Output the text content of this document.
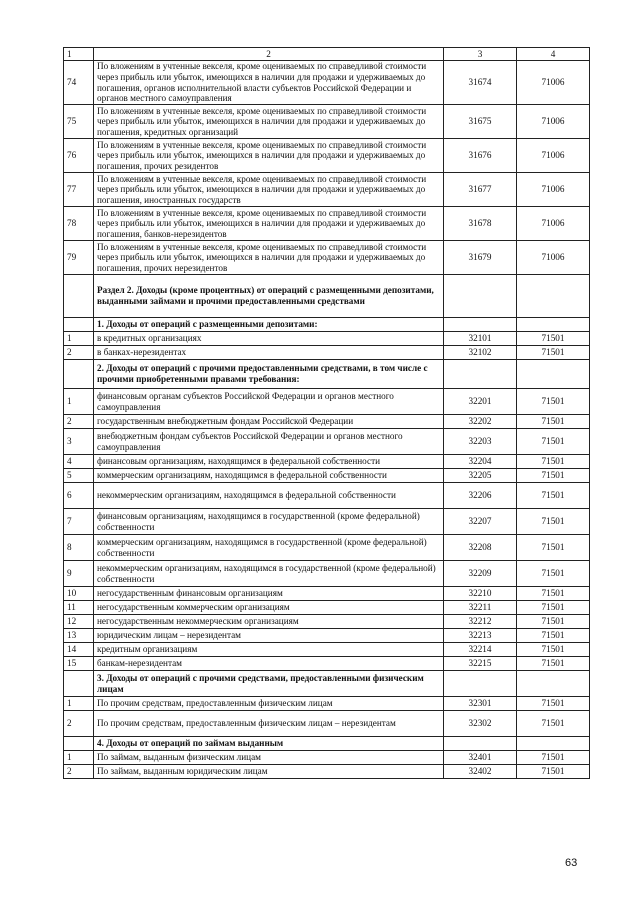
1	2	3	4
74	По вложениям в учтенные векселя, кроме оцениваемых по справедливой стоимости через прибыль или убыток, имеющихся в наличии для продажи и удерживаемых до погашения, органов исполнительной власти субъектов Российской Федерации и органов местного самоуправления	31674	71006
75	По вложениям в учтенные векселя, кроме оцениваемых по справедливой стоимости через прибыль или убыток, имеющихся в наличии для продажи и удерживаемых до погашения, кредитных организаций	31675	71006
76	По вложениям в учтенные векселя, кроме оцениваемых по справедливой стоимости через прибыль или убыток, имеющихся в наличии для продажи и удерживаемых до погашения, прочих резидентов	31676	71006
77	По вложениям в учтенные векселя, кроме оцениваемых по справедливой стоимости через прибыль или убыток, имеющихся в наличии для продажи и удерживаемых до погашения, иностранных государств	31677	71006
78	По вложениям в учтенные векселя, кроме оцениваемых по справедливой стоимости через прибыль или убыток, имеющихся в наличии для продажи и удерживаемых до погашения, банков-нерезидентов	31678	71006
79	По вложениям в учтенные векселя, кроме оцениваемых по справедливой стоимости через прибыль или убыток, имеющихся в наличии для продажи и удерживаемых до погашения, прочих нерезидентов	31679	71006
	Раздел 2. Доходы (кроме процентных) от операций с размещенными депозитами, выданными займами и прочими предоставленными средствами		
	1. Доходы от операций с размещенными депозитами:		
1	в кредитных организациях	32101	71501
2	в банках-нерезидентах	32102	71501
	2. Доходы от операций с прочими предоставленными средствами, в том числе с прочими приобретенными правами требования:		
1	финансовым органам субъектов Российской Федерации и органов местного самоуправления	32201	71501
2	государственным внебюджетным фондам Российской Федерации	32202	71501
3	внебюджетным фондам субъектов Российской Федерации и органов местного самоуправления	32203	71501
4	финансовым организациям, находящимся в федеральной собственности	32204	71501
5	коммерческим организациям, находящимся в федеральной собственности	32205	71501
6	некоммерческим организациям, находящимся в федеральной собственности	32206	71501
7	финансовым организациям, находящимся в государственной (кроме федеральной) собственности	32207	71501
8	коммерческим организациям, находящимся в государственной (кроме федеральной) собственности	32208	71501
9	некоммерческим организациям, находящимся в государственной (кроме федеральной) собственности	32209	71501
10	негосударственным финансовым организациям	32210	71501
11	негосударственным коммерческим организациям	32211	71501
12	негосударственным некоммерческим организациям	32212	71501
13	юридическим лицам – нерезидентам	32213	71501
14	кредитным организациям	32214	71501
15	банкам-нерезидентам	32215	71501
	3. Доходы от операций с прочими средствами, предоставленными физическим лицам		
1	По прочим средствам, предоставленным физическим лицам	32301	71501
2	По прочим средствам, предоставленным физическим лицам – нерезидентам	32302	71501
	4. Доходы от операций по займам выданным		
1	По займам, выданным физическим лицам	32401	71501
2	По займам, выданным юридическим лицам	32402	71501
63
